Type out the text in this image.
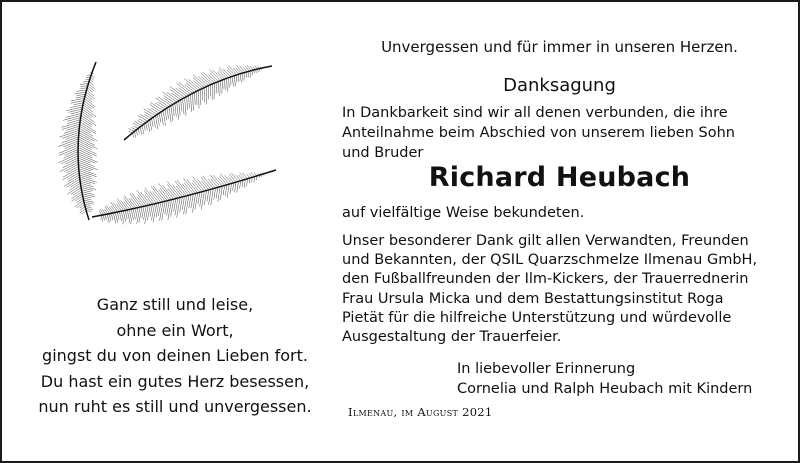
Ganz still und leise,
ohne ein Wort,
gingst du von deinen Lieben fort.
Du hast ein gutes Herz besessen,
nun ruht es still und unvergessen.
Unvergessen und für immer in unseren Herzen.
Danksagung
In Dankbarkeit sind wir all denen verbunden, die ihre
Anteilnahme beim Abschied von unserem lieben Sohn
und Bruder
Richard Heubach
auf vielfältige Weise bekundeten.
Unser besonderer Dank gilt allen Verwandten, Freunden
und Bekannten, der QSIL Quarzschmelze Ilmenau GmbH,
den Fußballfreunden der Ilm-Kickers, der Trauerrednerin
Frau Ursula Micka und dem Bestattungsinstitut Roga
Pietät für die hilfreiche Unterstützung und würdevolle
Ausgestaltung der Trauerfeier.
In liebevoller Erinnerung
Cornelia und Ralph Heubach mit Kindern
Ilmenau, im August 2021
